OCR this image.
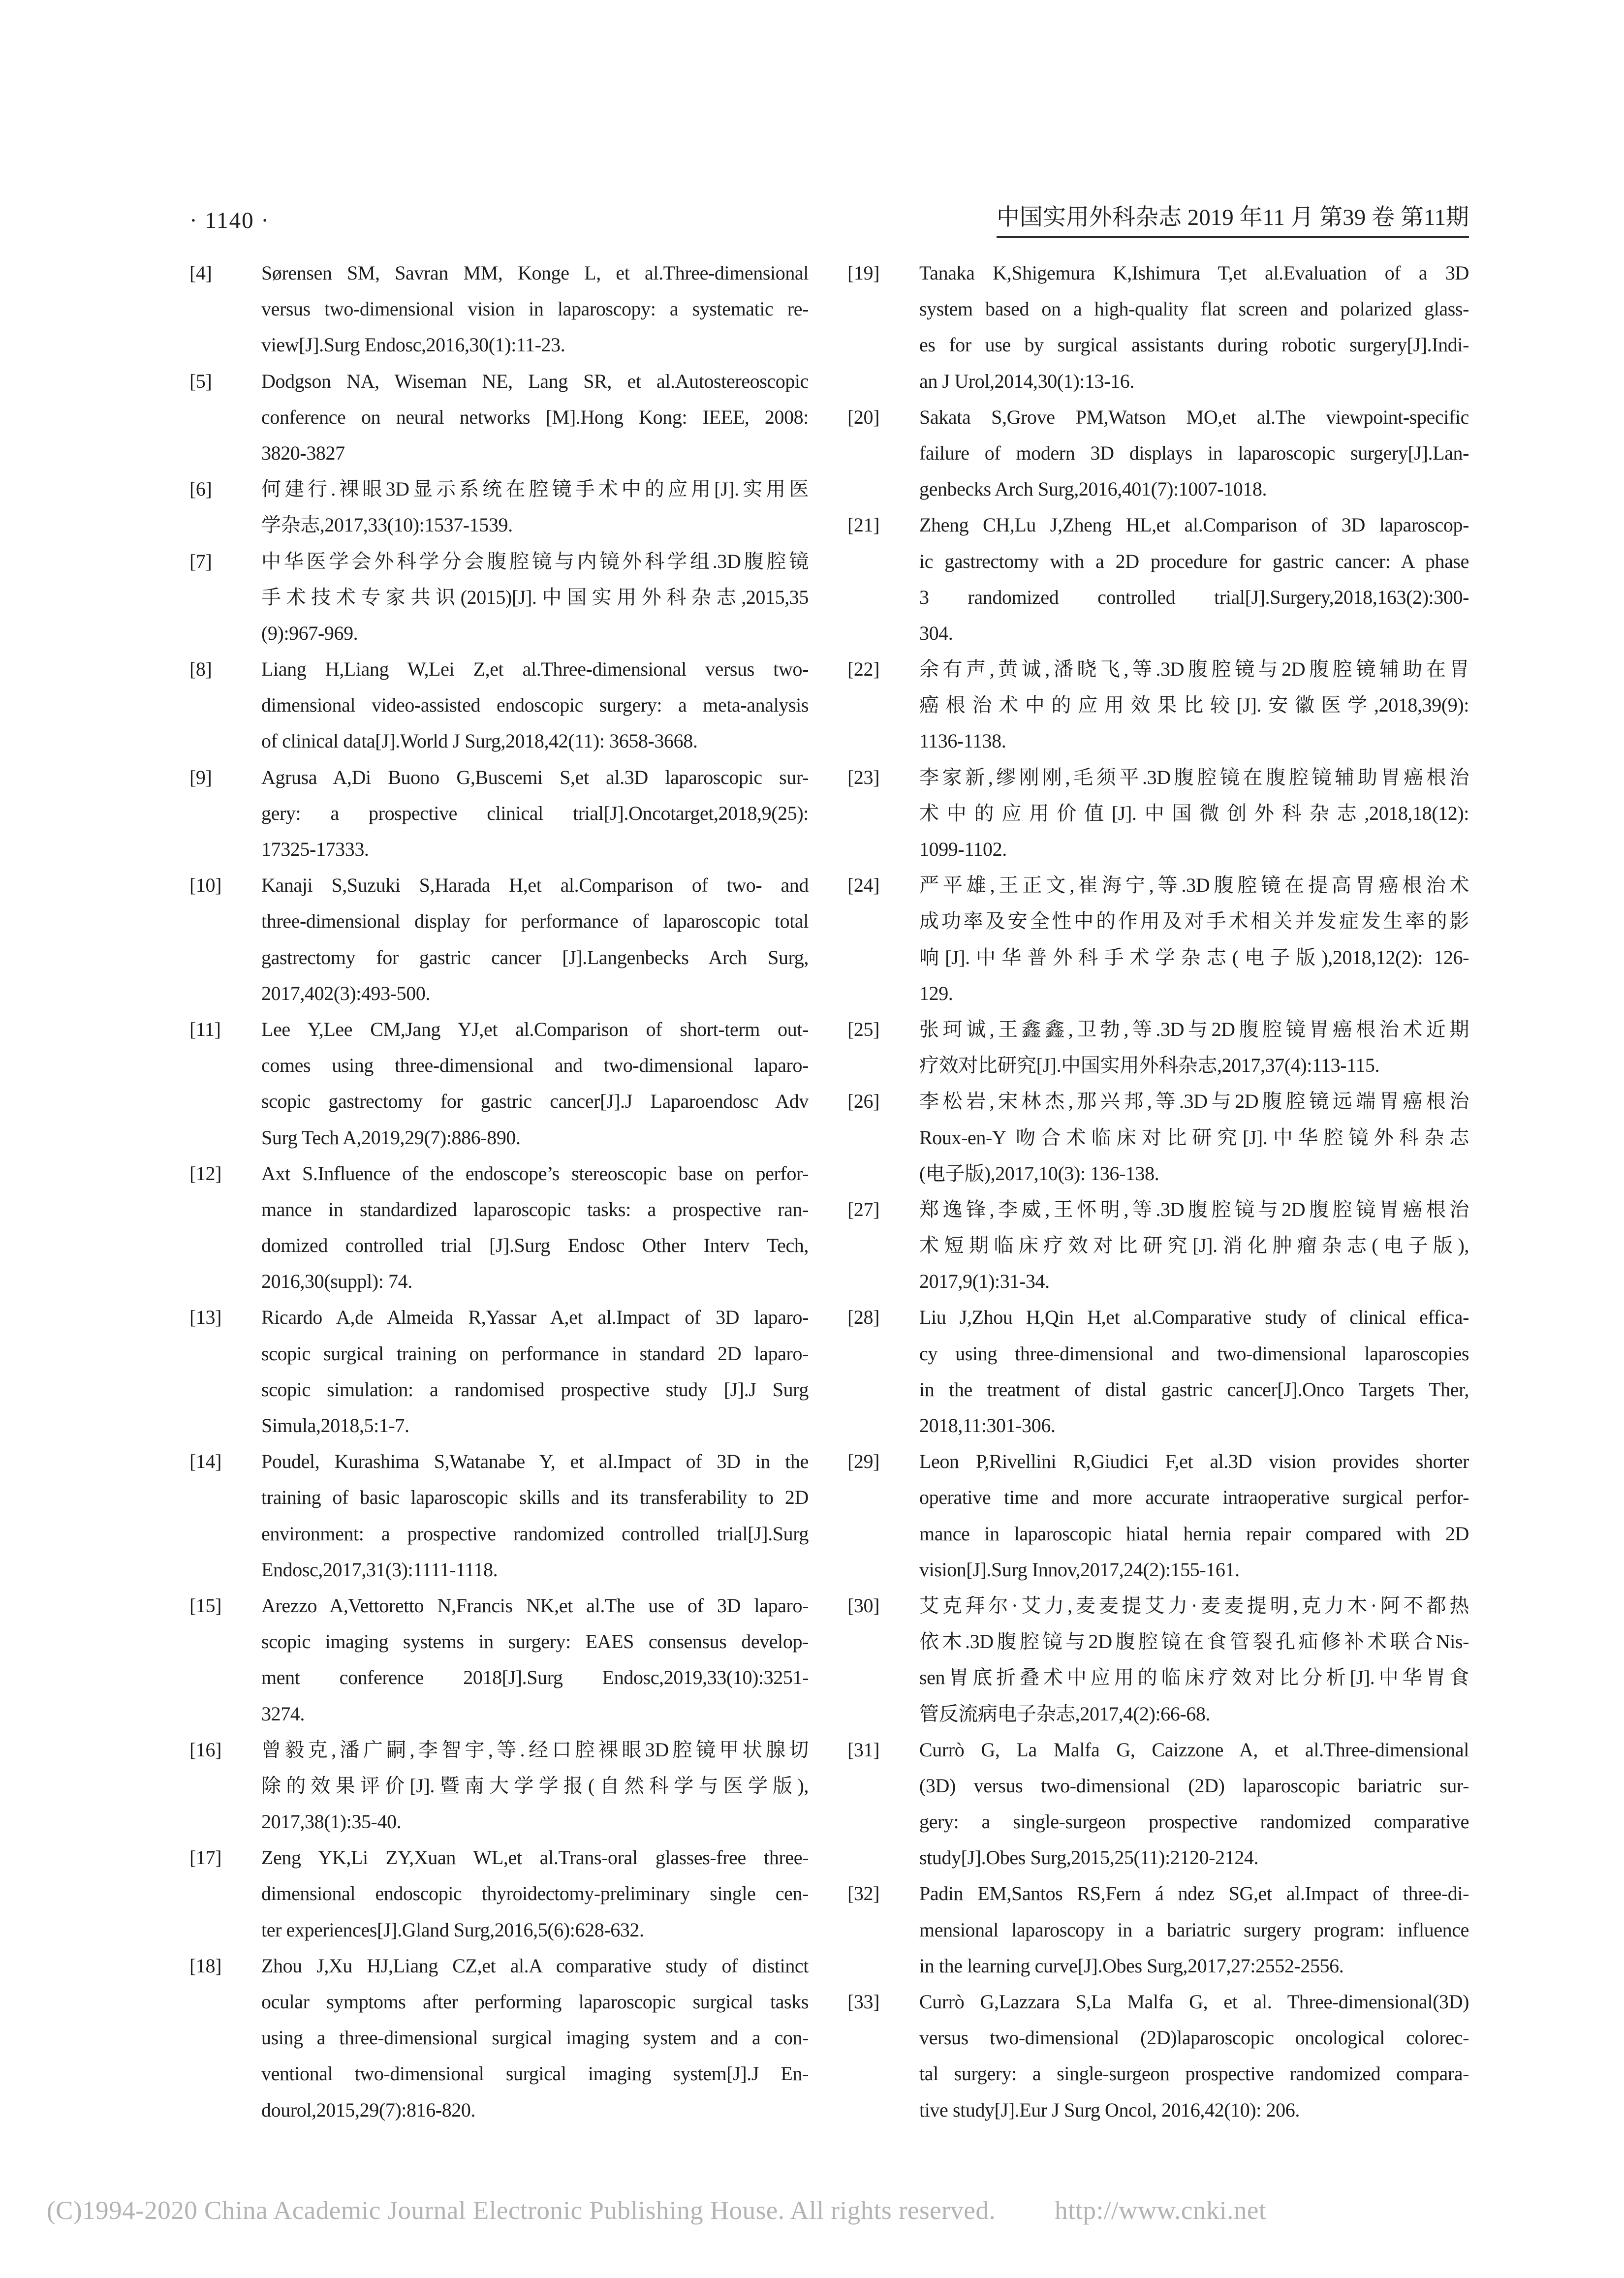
· 1140 ·	中国实用外科杂志 2019 年11 月 第39 卷 第11期
[4]	Sørensen SM, Savran MM, Konge L, et al.Three-dimensional
versus two-dimensional vision in laparoscopy: a systematic re-
view[J].Surg Endosc,2016,30(1):11-23.
[5]	Dodgson NA, Wiseman NE, Lang SR, et al.Autostereoscopic
conference on neural networks [M].Hong Kong: IEEE, 2008:
3820-3827
[6]	何建行.裸眼3D显示系统在腔镜手术中的应用[J].实用医
学杂志,2017,33(10):1537-1539.
[7]	中华医学会外科学分会腹腔镜与内镜外科学组.3D腹腔镜
手术技术专家共识(2015)[J].中国实用外科杂志,2015,35
(9):967-969.
[8]	Liang H,Liang W,Lei Z,et al.Three-dimensional versus two-
dimensional video-assisted endoscopic surgery: a meta-analysis
of clinical data[J].World J Surg,2018,42(11): 3658-3668.
[9]	Agrusa A,Di Buono G,Buscemi S,et al.3D laparoscopic sur-
gery: a prospective clinical trial[J].Oncotarget,2018,9(25):
17325-17333.
[10]	Kanaji S,Suzuki S,Harada H,et al.Comparison of two- and
three-dimensional display for performance of laparoscopic total
gastrectomy for gastric cancer [J].Langenbecks Arch Surg,
2017,402(3):493-500.
[11]	Lee Y,Lee CM,Jang YJ,et al.Comparison of short-term out-
comes using three-dimensional and two-dimensional laparo-
scopic gastrectomy for gastric cancer[J].J Laparoendosc Adv
Surg Tech A,2019,29(7):886-890.
[12]	Axt S.Influence of the endoscope’s stereoscopic base on perfor-
mance in standardized laparoscopic tasks: a prospective ran-
domized controlled trial [J].Surg Endosc Other Interv Tech,
2016,30(suppl): 74.
[13]	Ricardo A,de Almeida R,Yassar A,et al.Impact of 3D laparo-
scopic surgical training on performance in standard 2D laparo-
scopic simulation: a randomised prospective study [J].J Surg
Simula,2018,5:1-7.
[14]	Poudel, Kurashima S,Watanabe Y, et al.Impact of 3D in the
training of basic laparoscopic skills and its transferability to 2D
environment: a prospective randomized controlled trial[J].Surg
Endosc,2017,31(3):1111-1118.
[15]	Arezzo A,Vettoretto N,Francis NK,et al.The use of 3D laparo-
scopic imaging systems in surgery: EAES consensus develop-
ment conference 2018[J].Surg Endosc,2019,33(10):3251-
3274.
[16]	曾毅克,潘广嗣,李智宇,等.经口腔裸眼3D腔镜甲状腺切
除的效果评价[J].暨南大学学报(自然科学与医学版),
2017,38(1):35-40.
[17]	Zeng YK,Li ZY,Xuan WL,et al.Trans-oral glasses-free three-
dimensional endoscopic thyroidectomy-preliminary single cen-
ter experiences[J].Gland Surg,2016,5(6):628-632.
[18]	Zhou J,Xu HJ,Liang CZ,et al.A comparative study of distinct
ocular symptoms after performing laparoscopic surgical tasks
using a three-dimensional surgical imaging system and a con-
ventional two-dimensional surgical imaging system[J].J En-
dourol,2015,29(7):816-820.
[19]	Tanaka K,Shigemura K,Ishimura T,et al.Evaluation of a 3D
system based on a high-quality flat screen and polarized glass-
es for use by surgical assistants during robotic surgery[J].Indi-
an J Urol,2014,30(1):13-16.
[20]	Sakata S,Grove PM,Watson MO,et al.The viewpoint-specific
failure of modern 3D displays in laparoscopic surgery[J].Lan-
genbecks Arch Surg,2016,401(7):1007-1018.
[21]	Zheng CH,Lu J,Zheng HL,et al.Comparison of 3D laparoscop-
ic gastrectomy with a 2D procedure for gastric cancer: A phase
3 randomized controlled trial[J].Surgery,2018,163(2):300-
304.
[22]	余有声,黄诚,潘晓飞,等.3D腹腔镜与2D腹腔镜辅助在胃
癌根治术中的应用效果比较[J].安徽医学,2018,39(9):
1136-1138.
[23]	李家新,缪刚刚,毛须平.3D腹腔镜在腹腔镜辅助胃癌根治
术中的应用价值[J].中国微创外科杂志,2018,18(12):
1099-1102.
[24]	严平雄,王正文,崔海宁,等.3D腹腔镜在提高胃癌根治术
成功率及安全性中的作用及对手术相关并发症发生率的影
响[J].中华普外科手术学杂志(电子版),2018,12(2): 126-
129.
[25]	张珂诚,王鑫鑫,卫勃,等.3D与2D腹腔镜胃癌根治术近期
疗效对比研究[J].中国实用外科杂志,2017,37(4):113-115.
[26]	李松岩,宋林杰,那兴邦,等.3D与2D腹腔镜远端胃癌根治
Roux-en-Y 吻合术临床对比研究[J].中华腔镜外科杂志
(电子版),2017,10(3): 136-138.
[27]	郑逸锋,李威,王怀明,等.3D腹腔镜与2D腹腔镜胃癌根治
术短期临床疗效对比研究[J].消化肿瘤杂志(电子版),
2017,9(1):31-34.
[28]	Liu J,Zhou H,Qin H,et al.Comparative study of clinical effica-
cy using three-dimensional and two-dimensional laparoscopies
in the treatment of distal gastric cancer[J].Onco Targets Ther,
2018,11:301-306.
[29]	Leon P,Rivellini R,Giudici F,et al.3D vision provides shorter
operative time and more accurate intraoperative surgical perfor-
mance in laparoscopic hiatal hernia repair compared with 2D
vision[J].Surg Innov,2017,24(2):155-161.
[30]	艾克拜尔·艾力,麦麦提艾力·麦麦提明,克力木·阿不都热
依木.3D腹腔镜与2D腹腔镜在食管裂孔疝修补术联合Nis-
sen胃底折叠术中应用的临床疗效对比分析[J].中华胃食
管反流病电子杂志,2017,4(2):66-68.
[31]	Currò G, La Malfa G, Caizzone A, et al.Three-dimensional
(3D) versus two-dimensional (2D) laparoscopic bariatric sur-
gery: a single-surgeon prospective randomized comparative
study[J].Obes Surg,2015,25(11):2120-2124.
[32]	Padin EM,Santos RS,Fern á ndez SG,et al.Impact of three-di-
mensional laparoscopy in a bariatric surgery program: influence
in the learning curve[J].Obes Surg,2017,27:2552-2556.
[33]	Currò G,Lazzara S,La Malfa G, et al. Three-dimensional(3D)
versus two-dimensional (2D)laparoscopic oncological colorec-
tal surgery: a single-surgeon prospective randomized compara-
tive study[J].Eur J Surg Oncol, 2016,42(10): 206.
(C)1994-2020 China Academic Journal Electronic Publishing House. All rights reserved. http://www.cnki.net
